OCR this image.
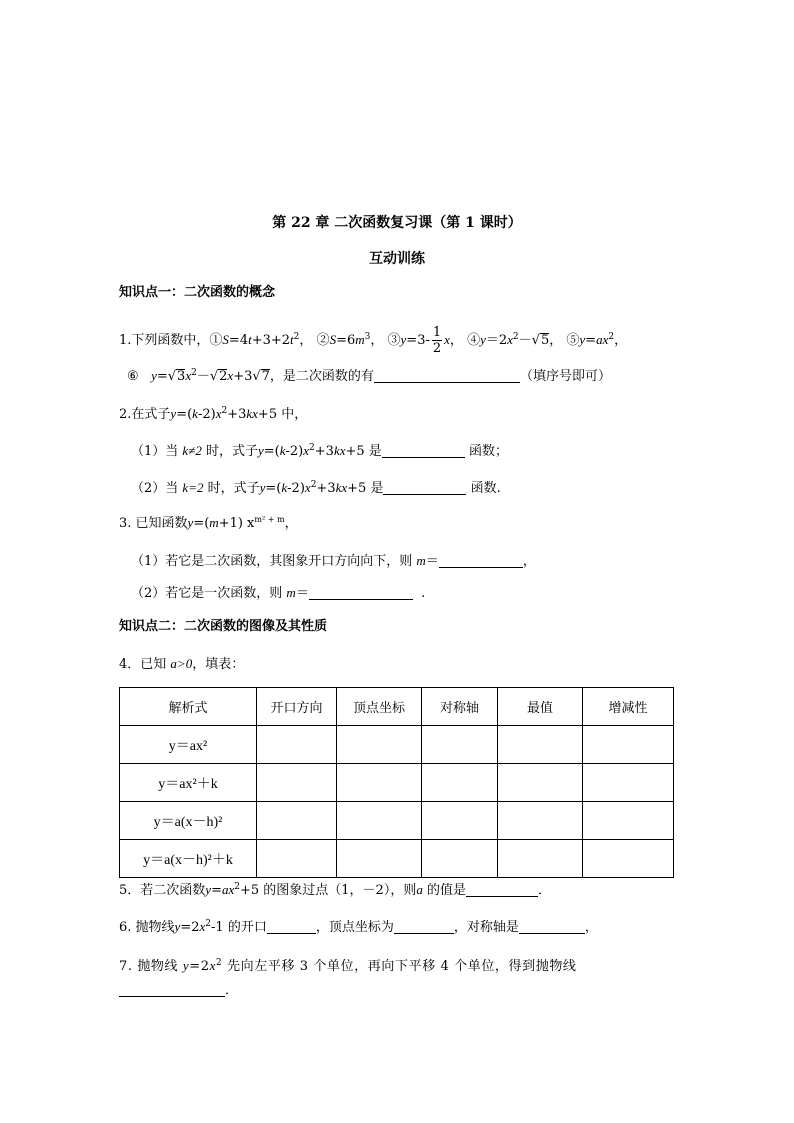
第 22 章 二次函数复习课（第 1 课时）
互动训练
知识点一：二次函数的概念
1.下列函数中，$①S=4t+3+2t^2$， $②S=6m^3$， ③y=3- $\frac{1}{2}$ x， $④y=2x^2-√5$， $⑤y=ax^2$，
⑥ $y=√3x^2-√2x+3√7$，是二次函数的有	（填序号即可）
2.在式子$y=(k-2)x^2+3kx+5$ 中，
（1）当 k≠2 时，式子$y=(k-2)x^2+3kx+5$ 是	函数；
（2）当 k=2 时，式子$y=(k-2)x^2+3kx+5$ 是	函数.
3. 已知函数y=(m+1) $x^{m^2 + m}$，
（1）若它是二次函数，其图象开口方向向下，则 m＝	，
（2）若它是一次函数，则 m＝	.
知识点二：二次函数的图像及其性质
4．已知 a>0，填表：
解析式	开口方向	顶点坐标	对称轴	最值	增减性
y＝ax²					
y＝ax²＋k					
y＝a(x－h)²					
y＝a(x－h)²＋k					
5．若二次函数$y=ax^2+5$ 的图象过点（1，－2），则a 的值是	．
6. 抛物线$y=2x^2-1$ 的开口	，顶点坐标为	，对称轴是	，
7. 抛物线 $y=2x^2$ 先向左平移 3 个单位，再向下平移 4 个单位，得到抛物线
．
